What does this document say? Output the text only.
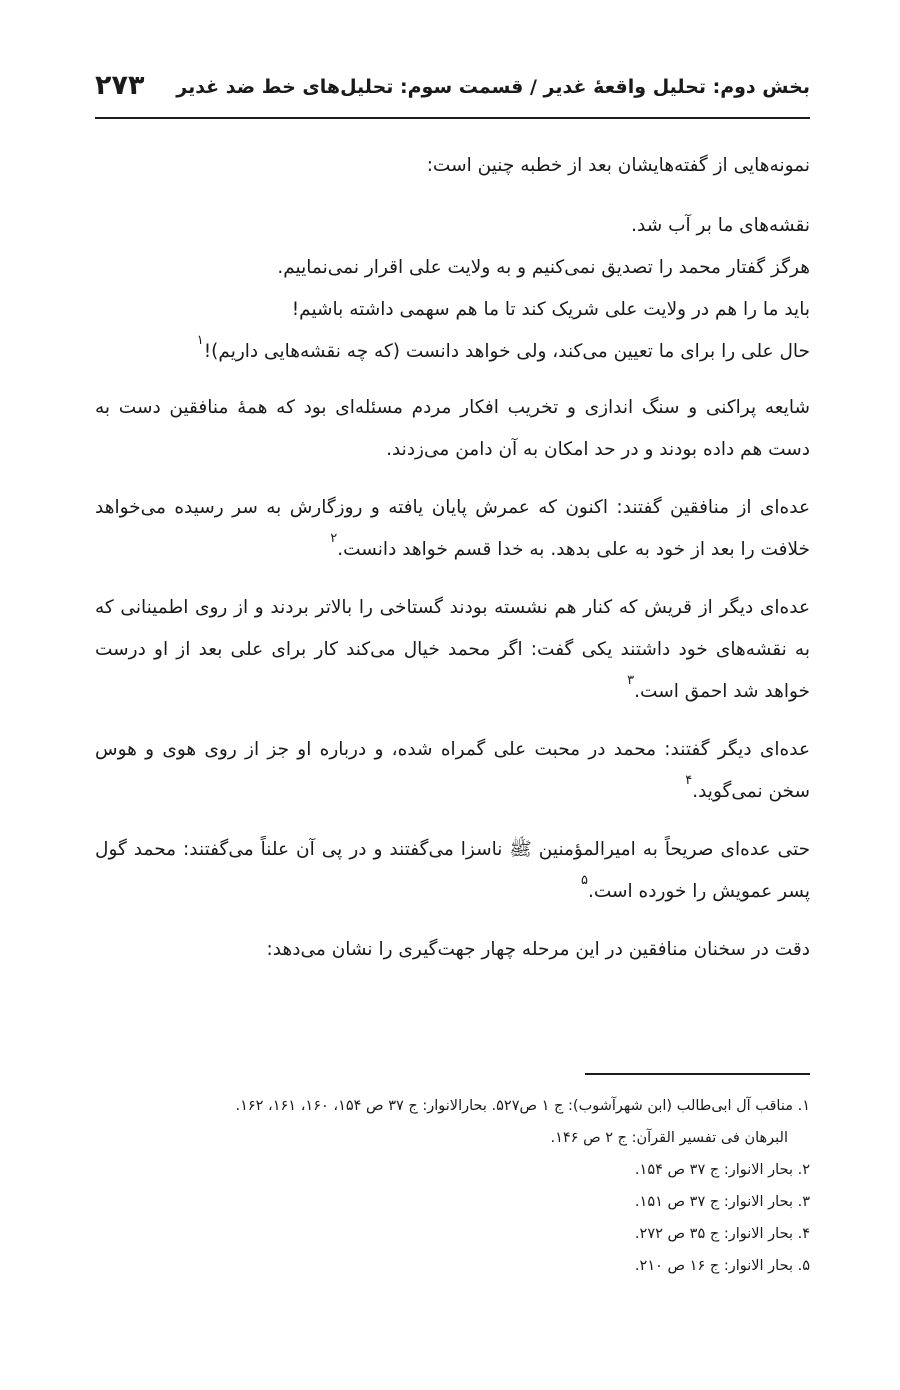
بخش دوم: تحلیل واقعهٔ غدیر / قسمت سوم: تحلیل‌های خط ضد غدیر
۲۷۳

نمونه‌هایی از گفته‌هایشان بعد از خطبه چنین است:

نقشه‌های ما بر آب شد.

هرگز گفتار محمد را تصدیق نمی‌کنیم و به ولایت علی اقرار نمی‌نماییم.

باید ما را هم در ولایت علی شریک کند تا ما هم سهمی داشته باشیم!

حال علی را برای ما تعیین می‌کند، ولی خواهد دانست (که چه نقشه‌هایی داریم)!$^۱$

شایعه پراکنی و سنگ اندازی و تخریب افکار مردم مسئله‌ای بود که همهٔ منافقین دست به دست هم داده بودند و در حد امکان به آن دامن می‌زدند.

عده‌ای از منافقین گفتند: اکنون که عمرش پایان یافته و روزگارش به سر رسیده می‌خواهد خلافت را بعد از خود به علی بدهد. به خدا قسم خواهد دانست.$^۲$

عده‌ای دیگر از قریش که کنار هم نشسته بودند گستاخی را بالاتر بردند و از روی اطمینانی که به نقشه‌های خود داشتند یکی گفت: اگر محمد خیال می‌کند کار برای علی بعد از او درست خواهد شد احمق است.$^۳$

عده‌ای دیگر گفتند: محمد در محبت علی گمراه شده، و درباره او جز از روی هوی و هوس سخن نمی‌گوید.$^۴$

حتی عده‌ای صریحاً به امیرالمؤمنین ﷺ ناسزا می‌گفتند و در پی آن علناً می‌گفتند: محمد گول پسر عمویش را خورده است.$^۵$

دقت در سخنان منافقین در این مرحله چهار جهت‌گیری را نشان می‌دهد:

۱. مناقب آل ابی‌طالب (ابن شهرآشوب): ج ۱ ص۵۲۷. بحارالانوار: ج ۳۷ ص ۱۵۴، ۱۶۰، ۱۶۱، ۱۶۲.

البرهان فی تفسیر القرآن: ج ۲ ص ۱۴۶.

۲. بحار الانوار: ج ۳۷ ص ۱۵۴.

۳. بحار الانوار: ج ۳۷ ص ۱۵۱.

۴. بحار الانوار: ج ۳۵ ص ۲۷۲.

۵. بحار الانوار: ج ۱۶ ص ۲۱۰.
